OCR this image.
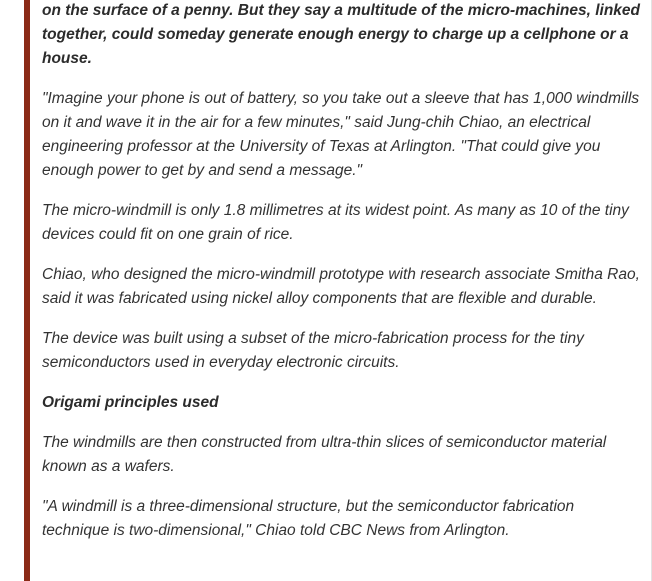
on the surface of a penny. But they say a multitude of the micro-machines, linked together, could someday generate enough energy to charge up a cellphone or a house.

"Imagine your phone is out of battery, so you take out a sleeve that has 1,000 windmills on it and wave it in the air for a few minutes," said Jung-chih Chiao, an electrical engineering professor at the University of Texas at Arlington. "That could give you enough power to get by and send a message."

The micro-windmill is only 1.8 millimetres at its widest point. As many as 10 of the tiny devices could fit on one grain of rice.

Chiao, who designed the micro-windmill prototype with research associate Smitha Rao, said it was fabricated using nickel alloy components that are flexible and durable.

The device was built using a subset of the micro-fabrication process for the tiny semiconductors used in everyday electronic circuits.

Origami principles used

The windmills are then constructed from ultra-thin slices of semiconductor material known as a wafers.

"A windmill is a three-dimensional structure, but the semiconductor fabrication technique is two-dimensional," Chiao told CBC News from Arlington.
